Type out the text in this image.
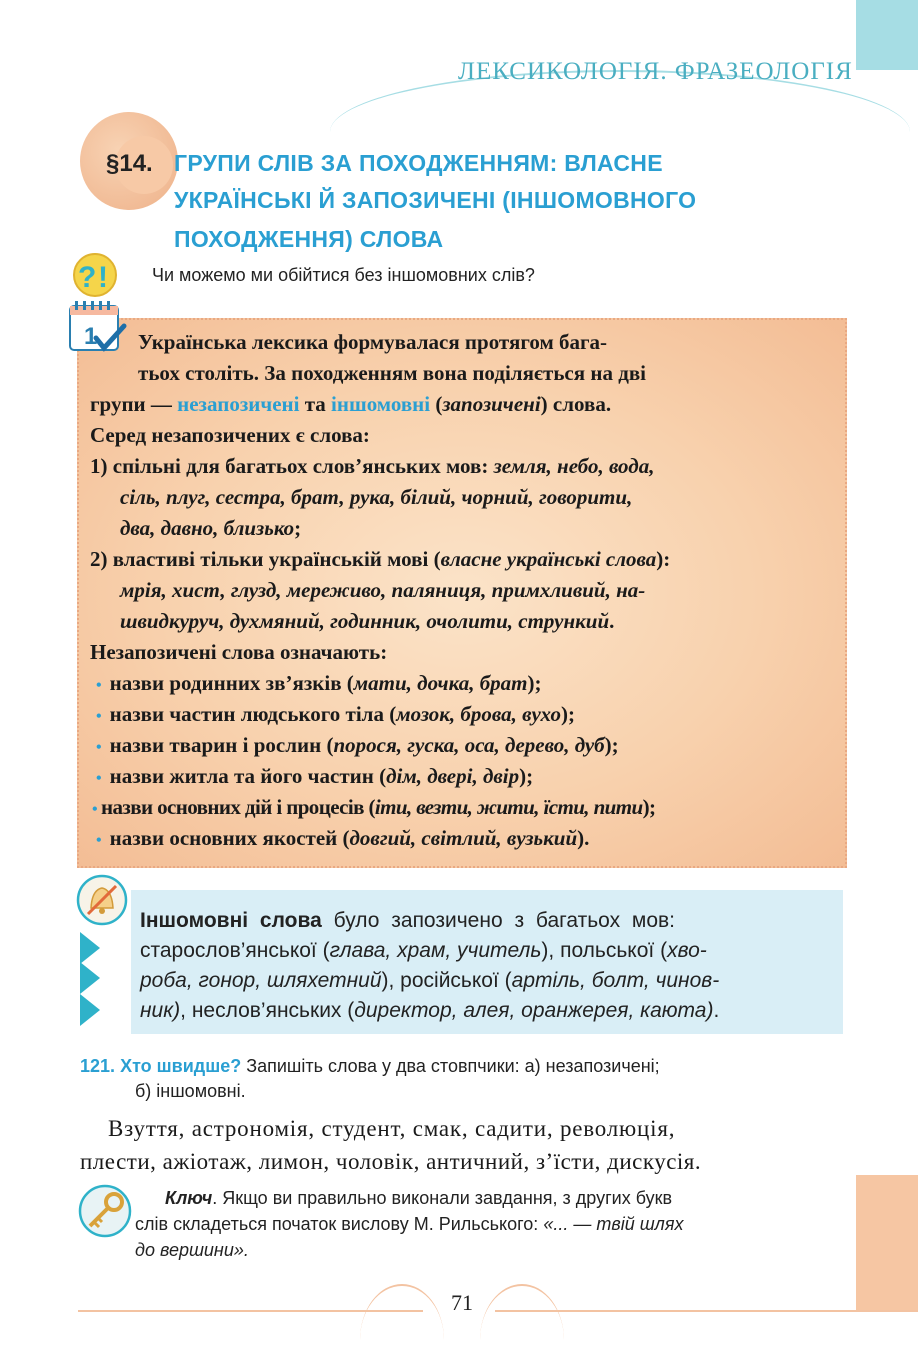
ЛЕКСИКОЛОГІЯ. ФРАЗЕОЛОГІЯ
§14. ГРУПИ СЛІВ ЗА ПОХОДЖЕННЯМ: ВЛАСНЕ
УКРАЇНСЬКІ Й ЗАПОЗИЧЕНІ (ІНШОМОВНОГО
ПОХОДЖЕННЯ) СЛОВА
? ! Чи можемо ми обійтися без іншомовних слів?
1 Українська лексика формувалася протягом бага-
тьох століть. За походженням вона поділяється на дві
групи — незапозичені та іншомовні (запозичені) слова.
Серед незапозичених є слова:
1) спільні для багатьох слов’янських мов: земля, небо, вода,
сіль, плуг, сестра, брат, рука, білий, чорний, говорити,
два, давно, близько;
2) властиві тільки українській мові (власне українські слова):
мрія, хист, глузд, мереживо, паляниця, примхливий, на-
швидкуруч, духмяний, годинник, очолити, стрункий.
Незапозичені слова означають:
• назви родинних зв’язків (мати, дочка, брат);
• назви частин людського тіла (мозок, брова, вухо);
• назви тварин і рослин (порося, гуска, оса, дерево, дуб);
• назви житла та його частин (дім, двері, двір);
• назви основних дій і процесів (іти, везти, жити, їсти, пити);
• назви основних якостей (довгий, світлий, вузький).
Іншомовні слова було запозичено з багатьох мов:
старослов’янської (глава, храм, учитель), польської (хво-
роба, гонор, шляхетний), російської (артіль, болт, чинов-
ник), неслов’янських (директор, алея, оранжерея, каюта).
121. Хто швидше? Запишіть слова у два стовпчики: а) незапозичені;
б) іншомовні.
Взуття, астрономія, студент, смак, садити, революція,
плести, ажіотаж, лимон, чоловік, античний, з’їсти, дискусія.
Ключ. Якщо ви правильно виконали завдання, з других букв
слів складеться початок вислову М. Рильського: «... — твій шлях
до вершини».
71
